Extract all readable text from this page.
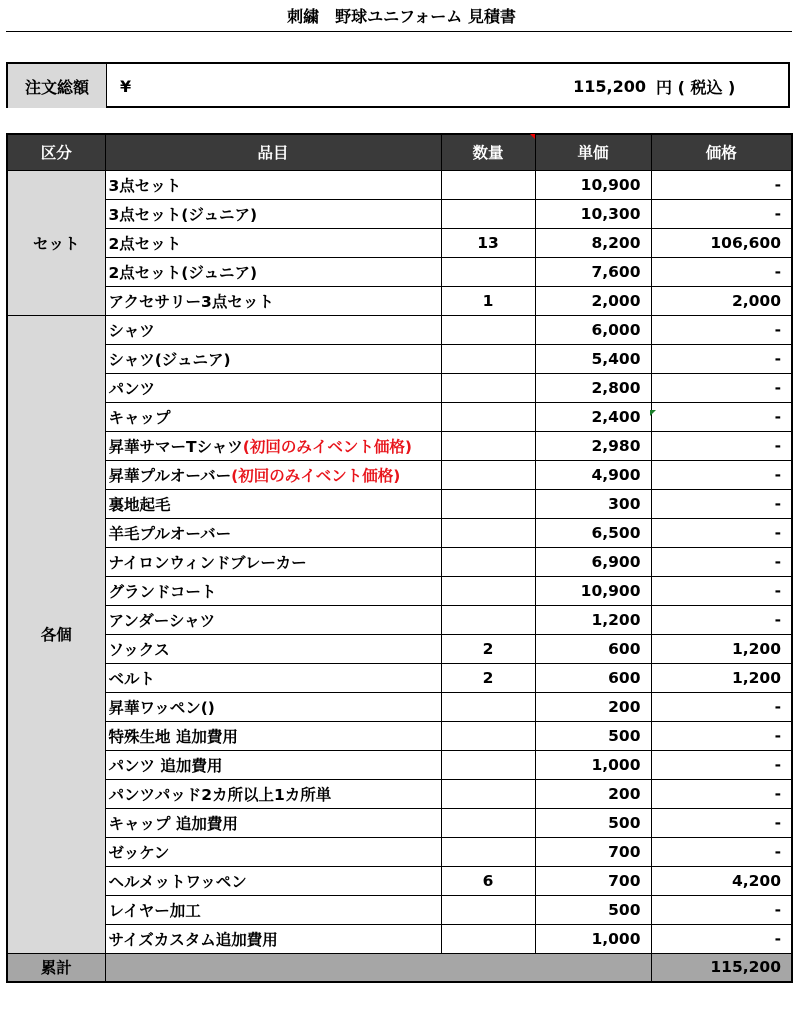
刺繍　野球ユニフォーム 見積書
注文総額	¥	115,200 円 ( 税込 )
区分	品目	数量	単価	価格
セット	3点セット		10,900	-
	3点セット(ジュニア)		10,300	-
	2点セット	13	8,200	106,600
	2点セット(ジュニア)		7,600	-
	アクセサリー3点セット	1	2,000	2,000
各個	シャツ		6,000	-
	シャツ(ジュニア)		5,400	-
	パンツ		2,800	-
	キャップ		2,400	-
	昇華サマーTシャツ(初回のみイベント価格)		2,980	-
	昇華プルオーバー(初回のみイベント価格)		4,900	-
	裏地起毛		300	-
	羊毛プルオーバー		6,500	-
	ナイロンウィンドブレーカー		6,900	-
	グランドコート		10,900	-
	アンダーシャツ		1,200	-
	ソックス	2	600	1,200
	ベルト	2	600	1,200
	昇華ワッペン()		200	-
	特殊生地 追加費用		500	-
	パンツ 追加費用		1,000	-
	パンツパッド2カ所以上1カ所単		200	-
	キャップ 追加費用		500	-
	ゼッケン		700	-
	ヘルメットワッペン	6	700	4,200
	レイヤー加工		500	-
	サイズカスタム追加費用		1,000	-
累計				115,200
